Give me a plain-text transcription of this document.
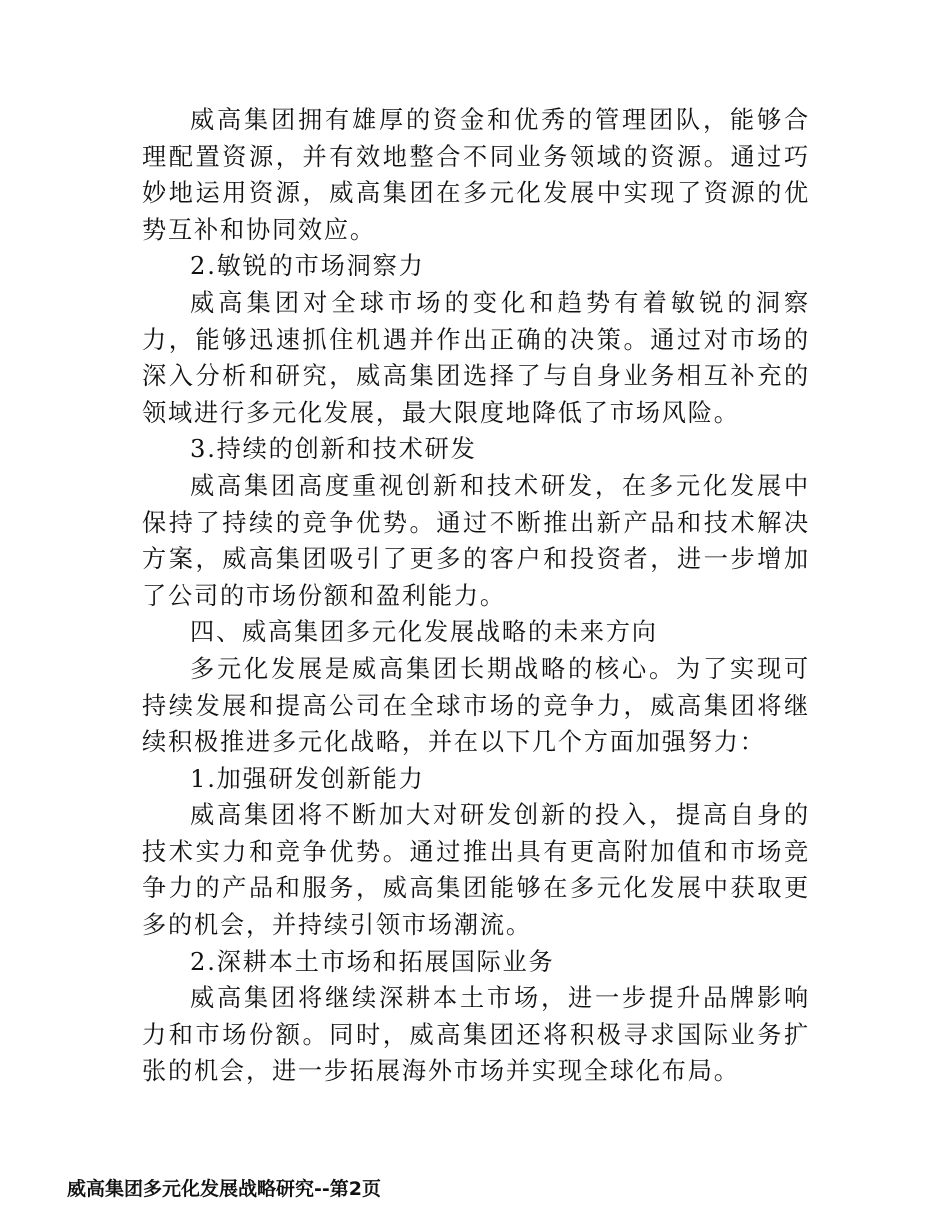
威高集团拥有雄厚的资金和优秀的管理团队，能够合理配置资源，并有效地整合不同业务领域的资源。通过巧妙地运用资源，威高集团在多元化发展中实现了资源的优势互补和协同效应。

2.敏锐的市场洞察力

威高集团对全球市场的变化和趋势有着敏锐的洞察力，能够迅速抓住机遇并作出正确的决策。通过对市场的深入分析和研究，威高集团选择了与自身业务相互补充的领域进行多元化发展，最大限度地降低了市场风险。

3.持续的创新和技术研发

威高集团高度重视创新和技术研发，在多元化发展中保持了持续的竞争优势。通过不断推出新产品和技术解决方案，威高集团吸引了更多的客户和投资者，进一步增加了公司的市场份额和盈利能力。

四、威高集团多元化发展战略的未来方向

多元化发展是威高集团长期战略的核心。为了实现可持续发展和提高公司在全球市场的竞争力，威高集团将继续积极推进多元化战略，并在以下几个方面加强努力：

1.加强研发创新能力

威高集团将不断加大对研发创新的投入，提高自身的技术实力和竞争优势。通过推出具有更高附加值和市场竞争力的产品和服务，威高集团能够在多元化发展中获取更多的机会，并持续引领市场潮流。

2.深耕本土市场和拓展国际业务

威高集团将继续深耕本土市场，进一步提升品牌影响力和市场份额。同时，威高集团还将积极寻求国际业务扩张的机会，进一步拓展海外市场并实现全球化布局。

威高集团多元化发展战略研究--第2页
